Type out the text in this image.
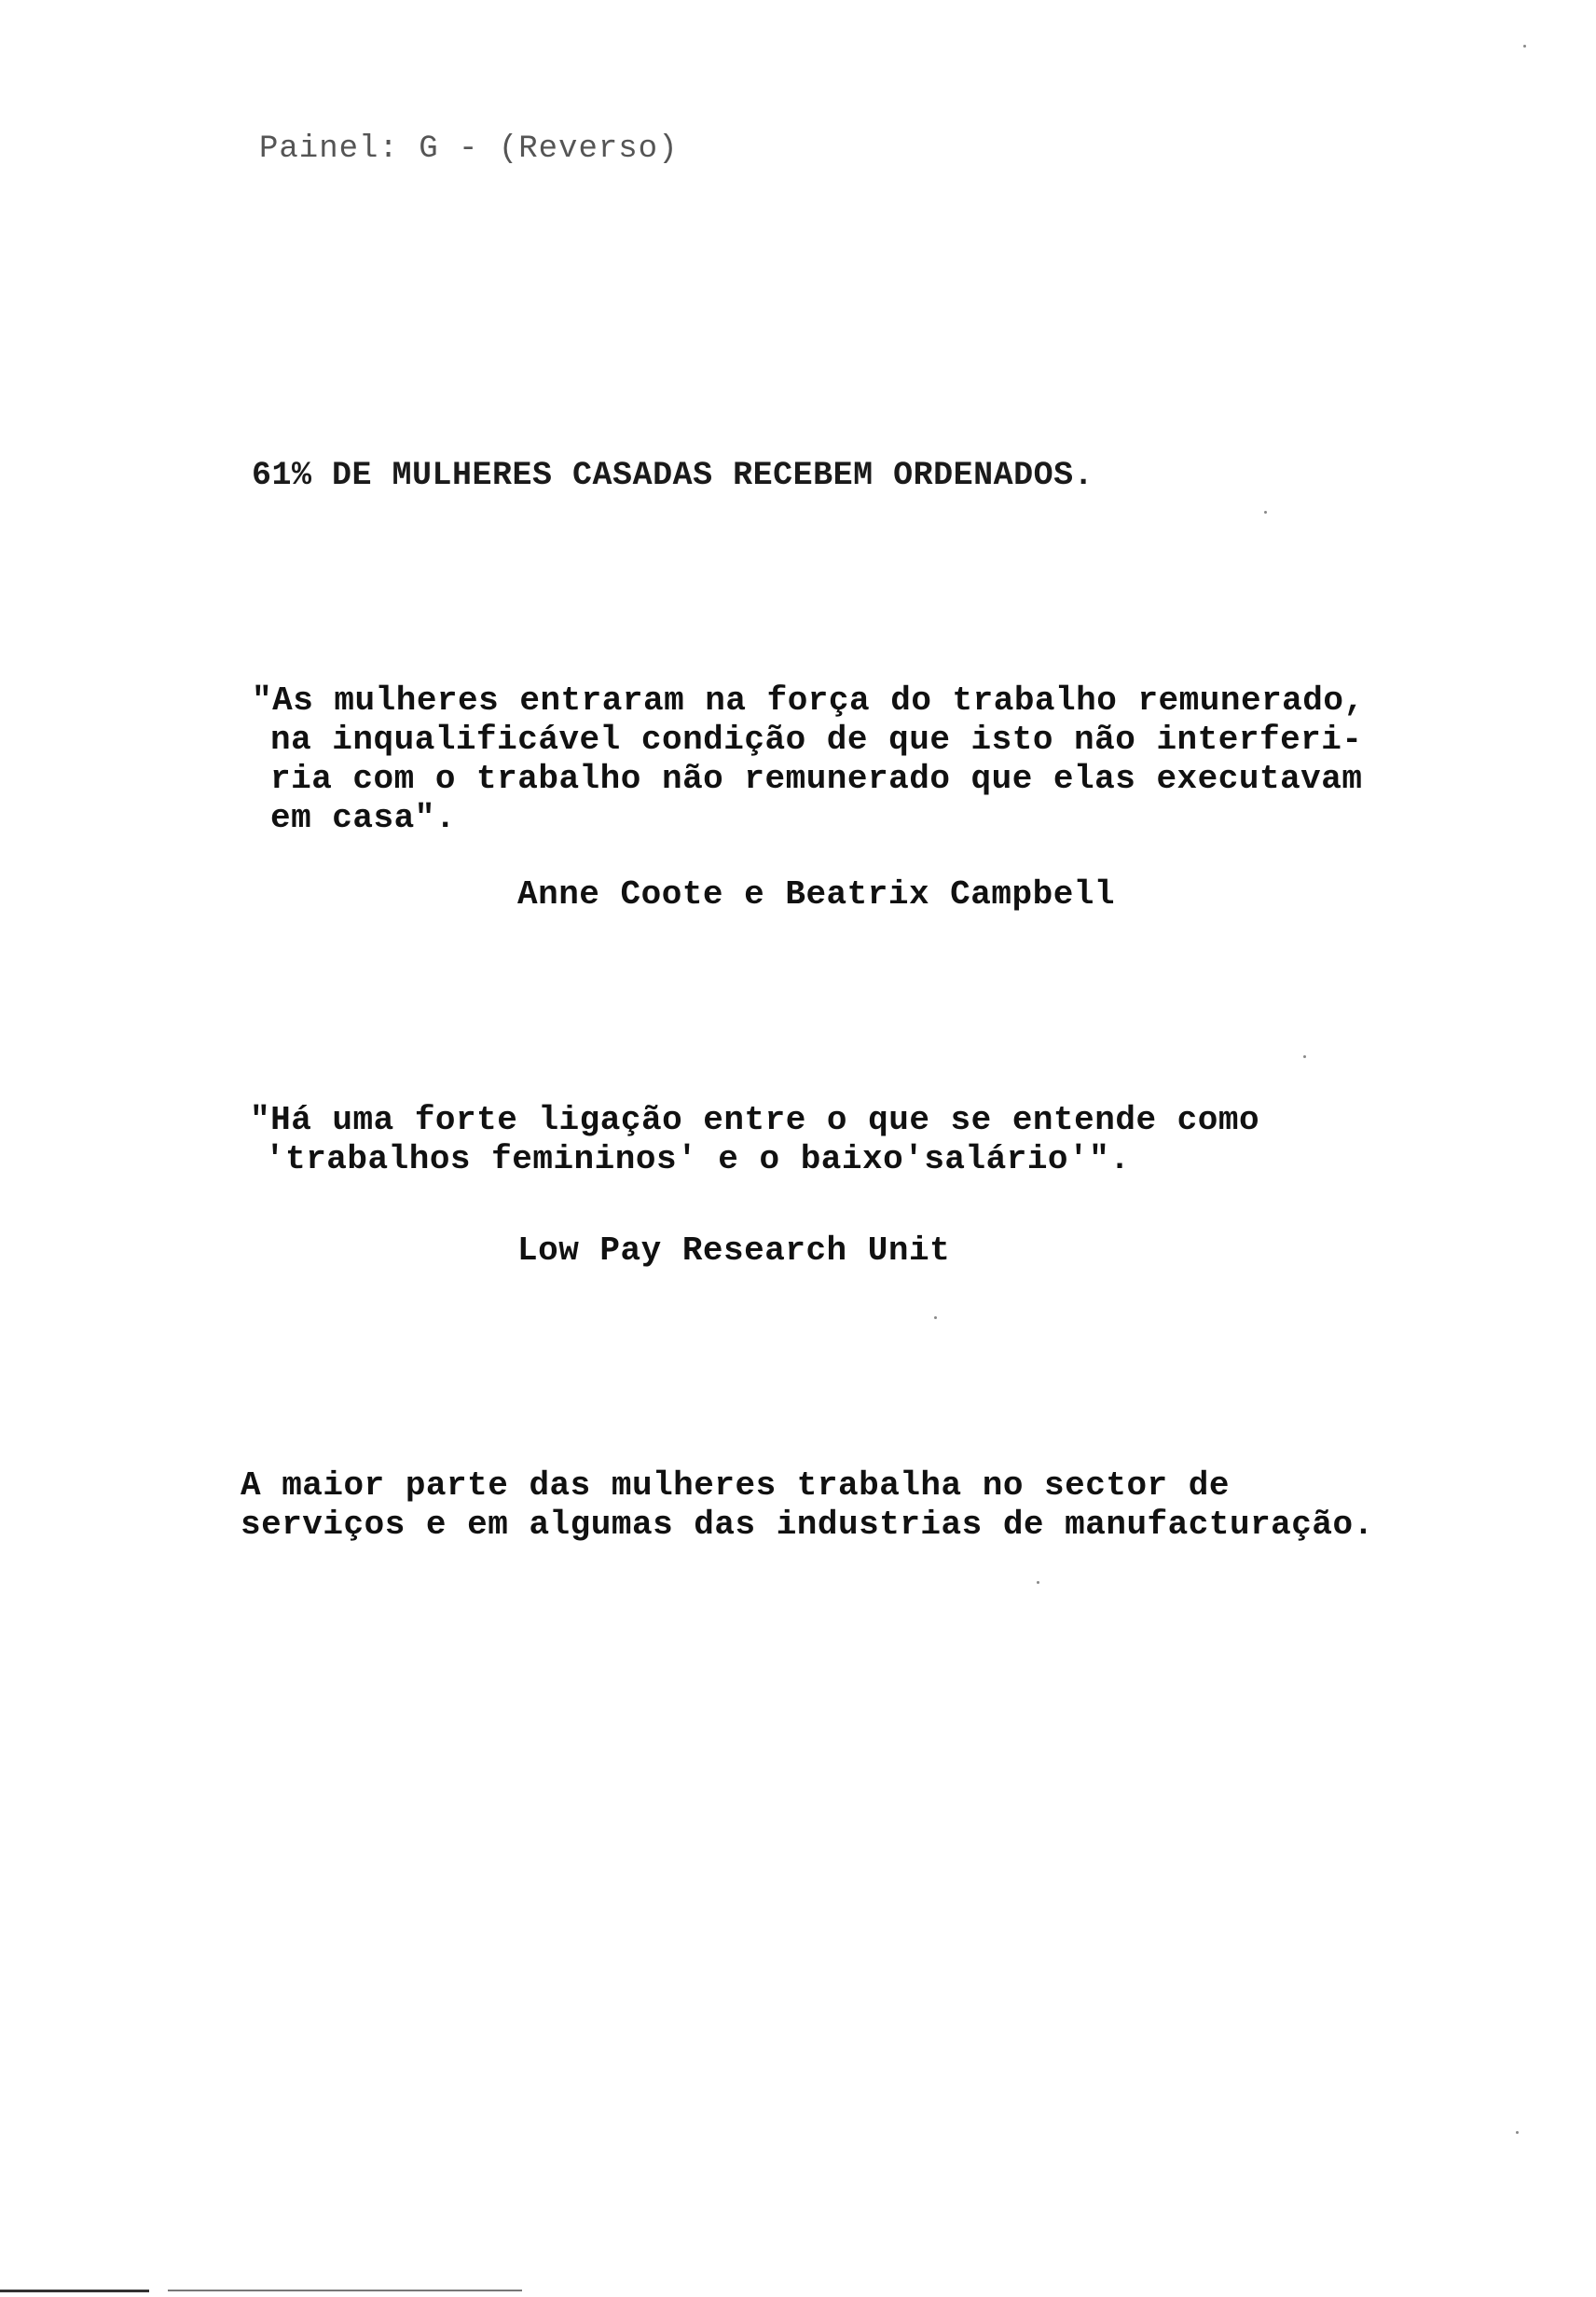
Painel: G - (Reverso)
61% DE MULHERES CASADAS RECEBEM ORDENADOS.
"As mulheres entraram na força do trabalho remunerado,
na inqualificável condição de que isto não interferi-
ria com o trabalho não remunerado que elas executavam
em casa".
Anne Coote e Beatrix Campbell
"Há uma forte ligação entre o que se entende como
'trabalhos femininos' e o baixo'salário'".
Low Pay Research Unit
A maior parte das mulheres trabalha no sector de
serviços e em algumas das industrias de manufacturação.
